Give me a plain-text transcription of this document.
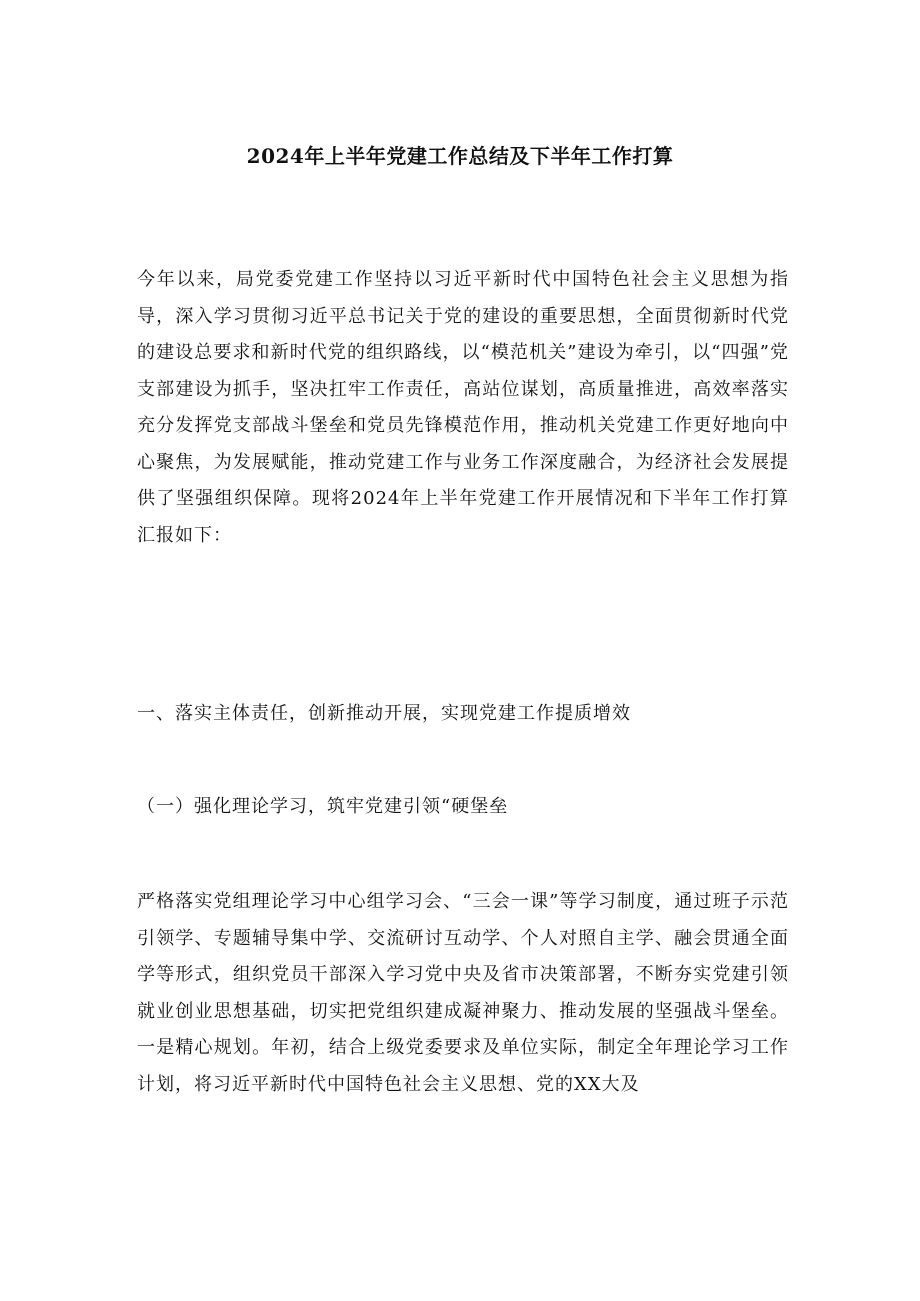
2024年上半年党建工作总结及下半年工作打算

今年以来，局党委党建工作坚持以习近平新时代中国特色社会主义思想为指导，深入学习贯彻习近平总书记关于党的建设的重要思想，全面贯彻新时代党的建设总要求和新时代党的组织路线，以“模范机关”建设为牵引，以“四强”党支部建设为抓手，坚决扛牢工作责任，高站位谋划，高质量推进，高效率落实充分发挥党支部战斗堡垒和党员先锋模范作用，推动机关党建工作更好地向中心聚焦，为发展赋能，推动党建工作与业务工作深度融合，为经济社会发展提供了坚强组织保障。现将2024年上半年党建工作开展情况和下半年工作打算汇报如下：

一、落实主体责任，创新推动开展，实现党建工作提质增效

（一）强化理论学习，筑牢党建引领“硬堡垒

严格落实党组理论学习中心组学习会、“三会一课”等学习制度，通过班子示范引领学、专题辅导集中学、交流研讨互动学、个人对照自主学、融会贯通全面学等形式，组织党员干部深入学习党中央及省市决策部署，不断夯实党建引领就业创业思想基础，切实把党组织建成凝神聚力、推动发展的坚强战斗堡垒。一是精心规划。年初，结合上级党委要求及单位实际，制定全年理论学习工作计划，将习近平新时代中国特色社会主义思想、党的XX大及
